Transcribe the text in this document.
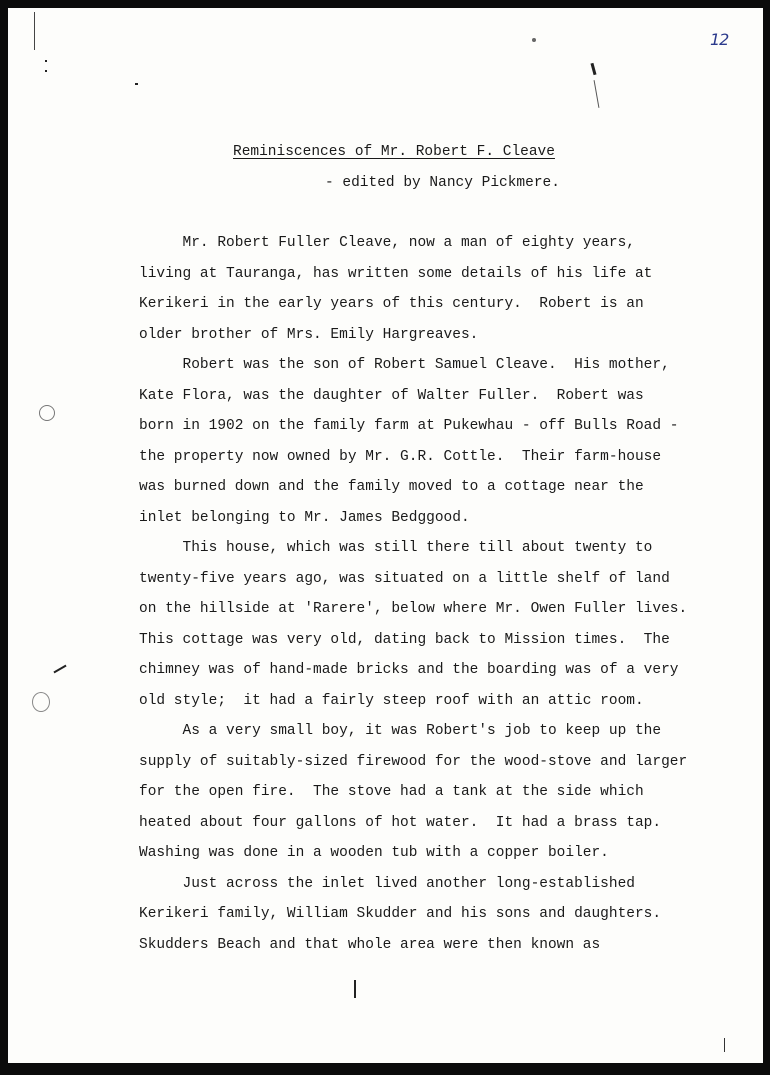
12
Reminiscences of Mr. Robert F. Cleave
- edited by Nancy Pickmere.
Mr. Robert Fuller Cleave, now a man of eighty years,
living at Tauranga, has written some details of his life at
Kerikeri in the early years of this century.  Robert is an
older brother of Mrs. Emily Hargreaves.
Robert was the son of Robert Samuel Cleave.  His mother,
Kate Flora, was the daughter of Walter Fuller.  Robert was
born in 1902 on the family farm at Pukewhau - off Bulls Road -
the property now owned by Mr. G.R. Cottle.  Their farm-house
was burned down and the family moved to a cottage near the
inlet belonging to Mr. James Bedggood.
This house, which was still there till about twenty to
twenty-five years ago, was situated on a little shelf of land
on the hillside at 'Rarere', below where Mr. Owen Fuller lives.
This cottage was very old, dating back to Mission times.  The
chimney was of hand-made bricks and the boarding was of a very
old style;  it had a fairly steep roof with an attic room.
As a very small boy, it was Robert's job to keep up the
supply of suitably-sized firewood for the wood-stove and larger
for the open fire.  The stove had a tank at the side which
heated about four gallons of hot water.  It had a brass tap.
Washing was done in a wooden tub with a copper boiler.
Just across the inlet lived another long-established
Kerikeri family, William Skudder and his sons and daughters.
Skudders Beach and that whole area were then known as
